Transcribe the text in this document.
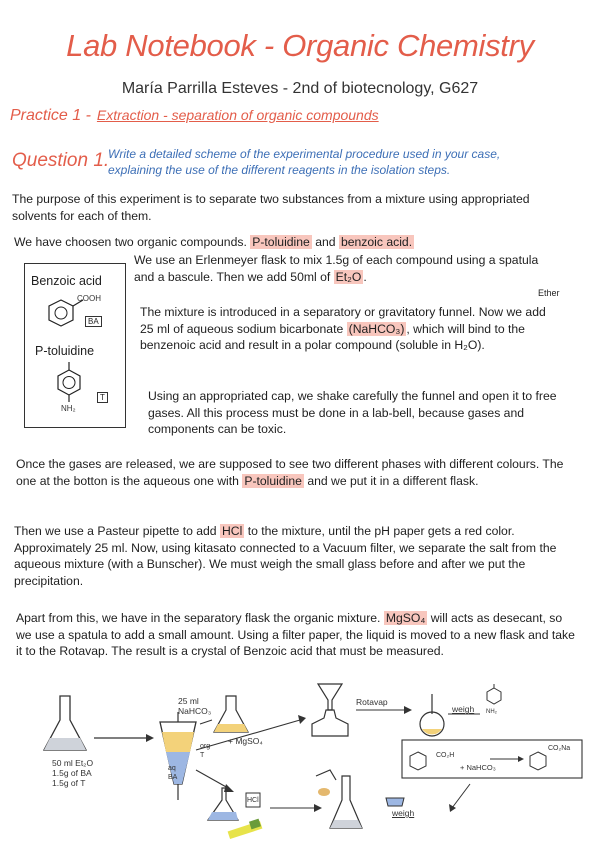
Lab Notebook - Organic Chemistry
María Parrilla Esteves - 2nd of biotecnology, G627
Practice 1 - Extraction - separation of organic compounds
Question 1.
Write a detailed scheme of the experimental procedure used in your case, explaining the use of the different reagents in the isolation steps.
The purpose of this experiment is to separate two substances from a mixture using appropriated solvents for each of them.
We have choosen two organic compounds. P-toluidine and benzoic acid.
Benzoic acid
COOH
BA
P-toluidine
NH₂
T
We use an Erlenmeyer flask to mix 1.5g of each compound using a spatula and a bascule. Then we add 50ml of Et₂O .
Ether
The mixture is introduced in a separatory or gravitatory funnel. Now we add 25 ml of aqueous sodium bicarbonate (NaHCO₃) , which will bind to the benzenoic acid and result in a polar compound (soluble in H₂O).
Using an appropriated cap, we shake carefully the funnel and open it to free gases. All this process must be done in a lab-bell, because gases and components can be toxic.
Once the gases are released, we are supposed to see two different phases with different colours. The one at the botton is the aqueous one with P-toluidine and we put it in a different flask.
Then we use a Pasteur pipette to add HCl to the mixture, until the pH paper gets a red color. Approximately 25 ml. Now, using kitasato connected to a Vacuum filter, we separate the salt from the aqueous mixture (with a Bunscher). We must weigh the small glass before and after we put the precipitation.
Apart from this, we have in the separatory flask the organic mixture. MgSO₄ will acts as desecant, so we use a spatula to add a small amount. Using a filter paper, the liquid is moved to a new flask and take it to the Rotavap. The result is a crystal of Benzoic acid that must be measured.
50 ml Et₂O
1.5g of BA
1.5g of T
25 ml
NaHCO₃
+ MgSO₄
org
T
aq
BA
HCl
Rotavap
weigh NH₂
CO₂H
+ NaHCO₃
CO₂Na
weigh
